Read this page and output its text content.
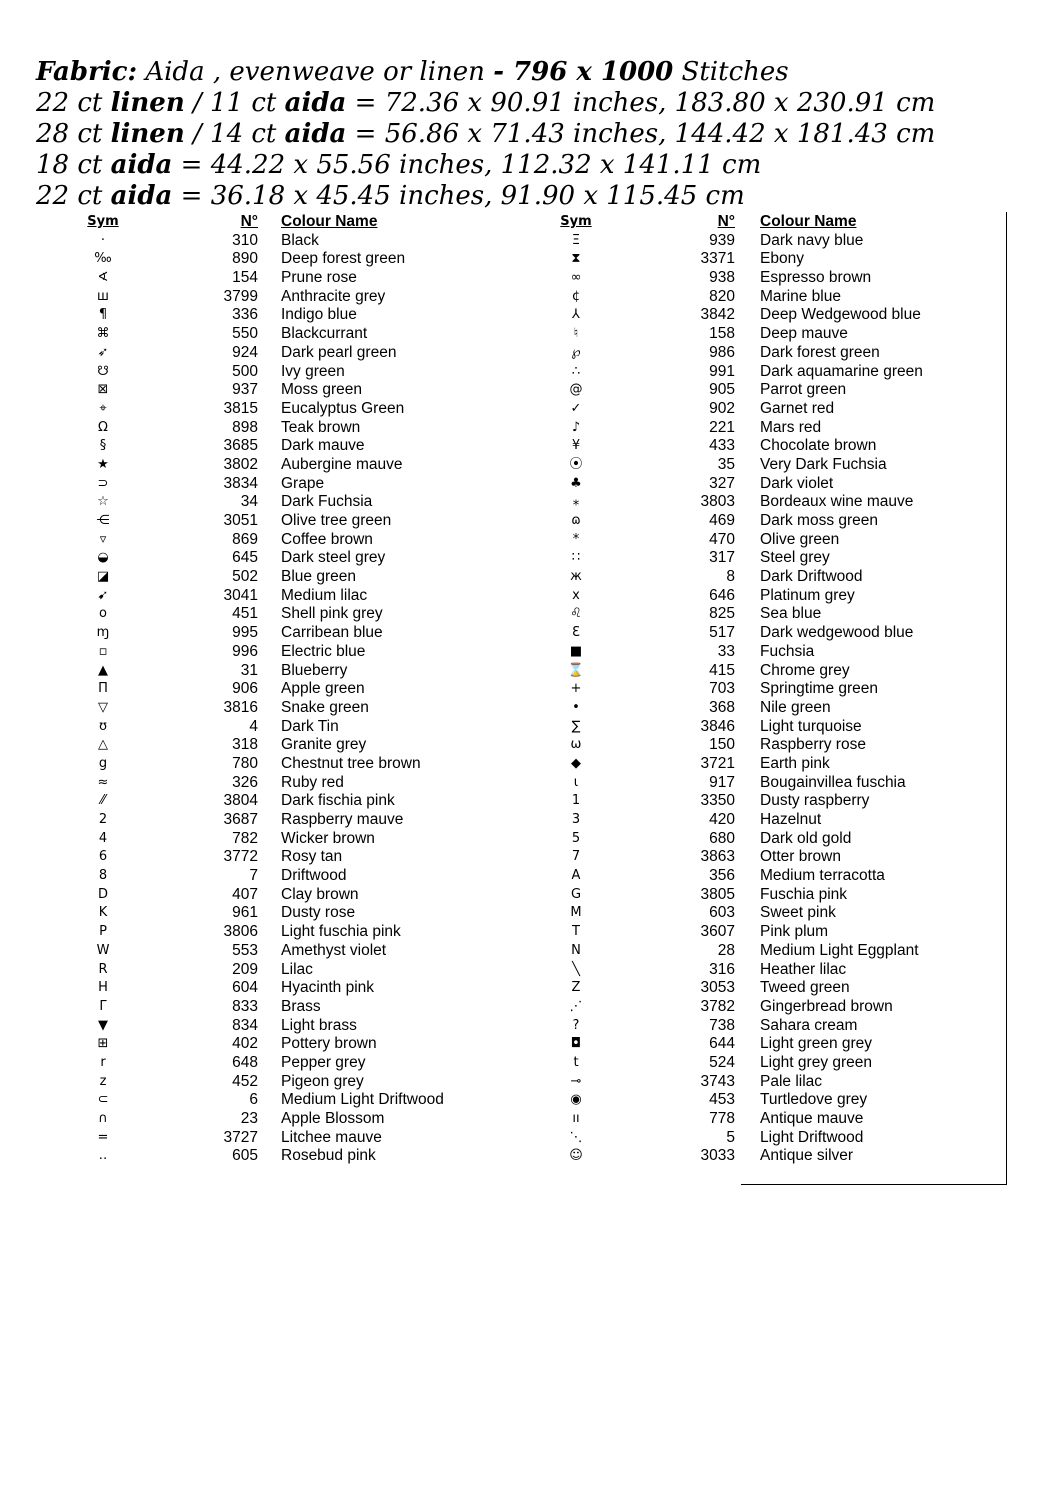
Fabric: Aida , evenweave or linen - 796 x 1000 Stitches
22 ct linen / 11 ct aida = 72.36 x 90.91 inches, 183.80 x 230.91 cm
28 ct linen / 14 ct aida = 56.86 x 71.43 inches, 144.42 x 181.43 cm
18 ct aida = 44.22 x 55.56 inches, 112.32 x 141.11 cm
22 ct aida = 36.18 x 45.45 inches, 91.90 x 115.45 cm
Sym	N° Colour Name
·	310 Black
‰	890 Deep forest green
∢	154 Prune rose
ш	3799 Anthracite grey
¶	336 Indigo blue
⌘	550 Blackcurrant
➶	924 Dark pearl green
☋	500 Ivy green
⊠	937 Moss green
⌖	3815 Eucalyptus Green
Ω	898 Teak brown
§	3685 Dark mauve
★	3802 Aubergine mauve
⊃	3834 Grape
☆	34 Dark Fuchsia
⋲	3051 Olive tree green
▿	869 Coffee brown
◒	645 Dark steel grey
◪	502 Blue green
➹	3041 Medium lilac
o	451 Shell pink grey
ɱ	995 Carribean blue
▫	996 Electric blue
▲	31 Blueberry
Π	906 Apple green
▽	3816 Snake green
ʊ	4 Dark Tin
△	318 Granite grey
g	780 Chestnut tree brown
≈	326 Ruby red
⁄⁄	3804 Dark fischia pink
2	3687 Raspberry mauve
4	782 Wicker brown
6	3772 Rosy tan
8	7 Driftwood
D	407 Clay brown
K	961 Dusty rose
P	3806 Light fuschia pink
W	553 Amethyst violet
R	209 Lilac
H	604 Hyacinth pink
Γ	833 Brass
▼	834 Light brass
⊞	402 Pottery brown
r	648 Pepper grey
z	452 Pigeon grey
⊂	6 Medium Light Driftwood
∩	23 Apple Blossom
=	3727 Litchee mauve
‥	605 Rosebud pink
Sym	N° Colour Name
Ξ	939 Dark navy blue
⧗	3371 Ebony
∞	938 Espresso brown
¢	820 Marine blue
⅄	3842 Deep Wedgewood blue
♮	158 Deep mauve
℘	986 Dark forest green
∴	991 Dark aquamarine green
@	905 Parrot green
✓	902 Garnet red
♪	221 Mars red
¥	433 Chocolate brown
⦿	35 Very Dark Fuchsia
♣	327 Dark violet
⁎	3803 Bordeaux wine mauve
ɷ	469 Dark moss green
*	470 Olive green
∷	317 Steel grey
ж	8 Dark Driftwood
x	646 Platinum grey
♌	825 Sea blue
Ɛ	517 Dark wedgewood blue
■	33 Fuchsia
⌛	415 Chrome grey
+	703 Springtime green
•	368 Nile green
∑	3846 Light turquoise
ω	150 Raspberry rose
◆	3721 Earth pink
ɩ	917 Bougainvillea fuschia
1	3350 Dusty raspberry
3	420 Hazelnut
5	680 Dark old gold
7	3863 Otter brown
A	356 Medium terracotta
G	3805 Fuschia pink
M	603 Sweet pink
T	3607 Pink plum
N	28 Medium Light Eggplant
╲	316 Heather lilac
Z	3053 Tweed green
⋰	3782 Gingerbread brown
?	738 Sahara cream
◘	644 Light green grey
t	524 Light grey green
⊸	3743 Pale lilac
◉	453 Turtledove grey
ıı	778 Antique mauve
⋱	5 Light Driftwood
☺	3033 Antique silver
